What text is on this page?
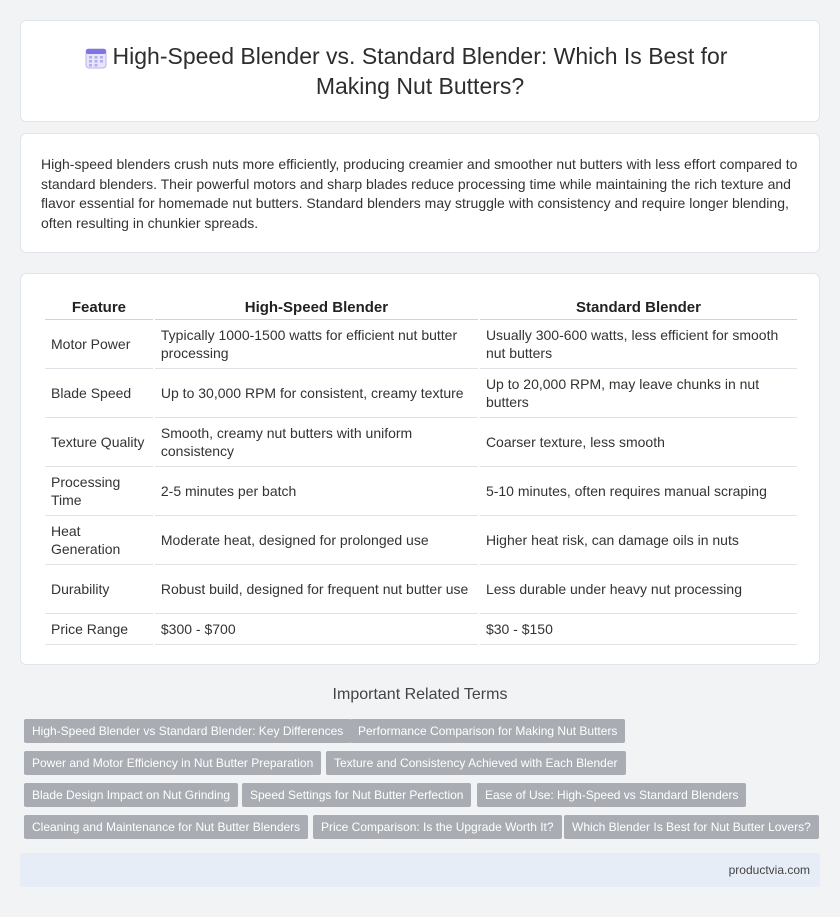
High-Speed Blender vs. Standard Blender: Which Is Best for Making Nut Butters?

High-speed blenders crush nuts more efficiently, producing creamier and smoother nut butters with less effort compared to standard blenders. Their powerful motors and sharp blades reduce processing time while maintaining the rich texture and flavor essential for homemade nut butters. Standard blenders may struggle with consistency and require longer blending, often resulting in chunkier spreads.

Feature	High-Speed Blender	Standard Blender
Motor Power	Typically 1000-1500 watts for efficient nut butter processing	Usually 300-600 watts, less efficient for smooth nut butters
Blade Speed	Up to 30,000 RPM for consistent, creamy texture	Up to 20,000 RPM, may leave chunks in nut butters
Texture Quality	Smooth, creamy nut butters with uniform consistency	Coarser texture, less smooth
Processing Time	2-5 minutes per batch	5-10 minutes, often requires manual scraping
Heat Generation	Moderate heat, designed for prolonged use	Higher heat risk, can damage oils in nuts
Durability	Robust build, designed for frequent nut butter use	Less durable under heavy nut processing
Price Range	$300 - $700	$30 - $150
Important Related Terms
High-Speed Blender vs Standard Blender: Key Differences	Performance Comparison for Making Nut Butters
Power and Motor Efficiency in Nut Butter Preparation	Texture and Consistency Achieved with Each Blender
Blade Design Impact on Nut Grinding	Speed Settings for Nut Butter Perfection	Ease of Use: High-Speed vs Standard Blenders
Cleaning and Maintenance for Nut Butter Blenders	Price Comparison: Is the Upgrade Worth It?	Which Blender Is Best for Nut Butter Lovers?
productvia.com
